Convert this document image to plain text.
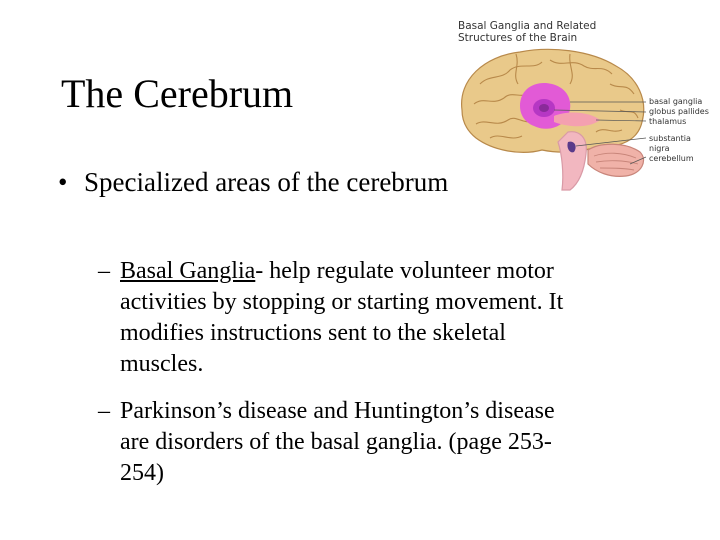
The Cerebrum
• Specialized areas of the cerebrum
– Basal Ganglia- help regulate volunteer motor
activities by stopping or starting movement. It
modifies instructions sent to the skeletal
muscles.
– Parkinson’s disease and Huntington’s disease
are disorders of the basal ganglia. (page 253-
254)
Basal Ganglia and Related
Structures of the Brain
basal ganglia
globus pallides
thalamus
substantia
nigra
cerebellum
